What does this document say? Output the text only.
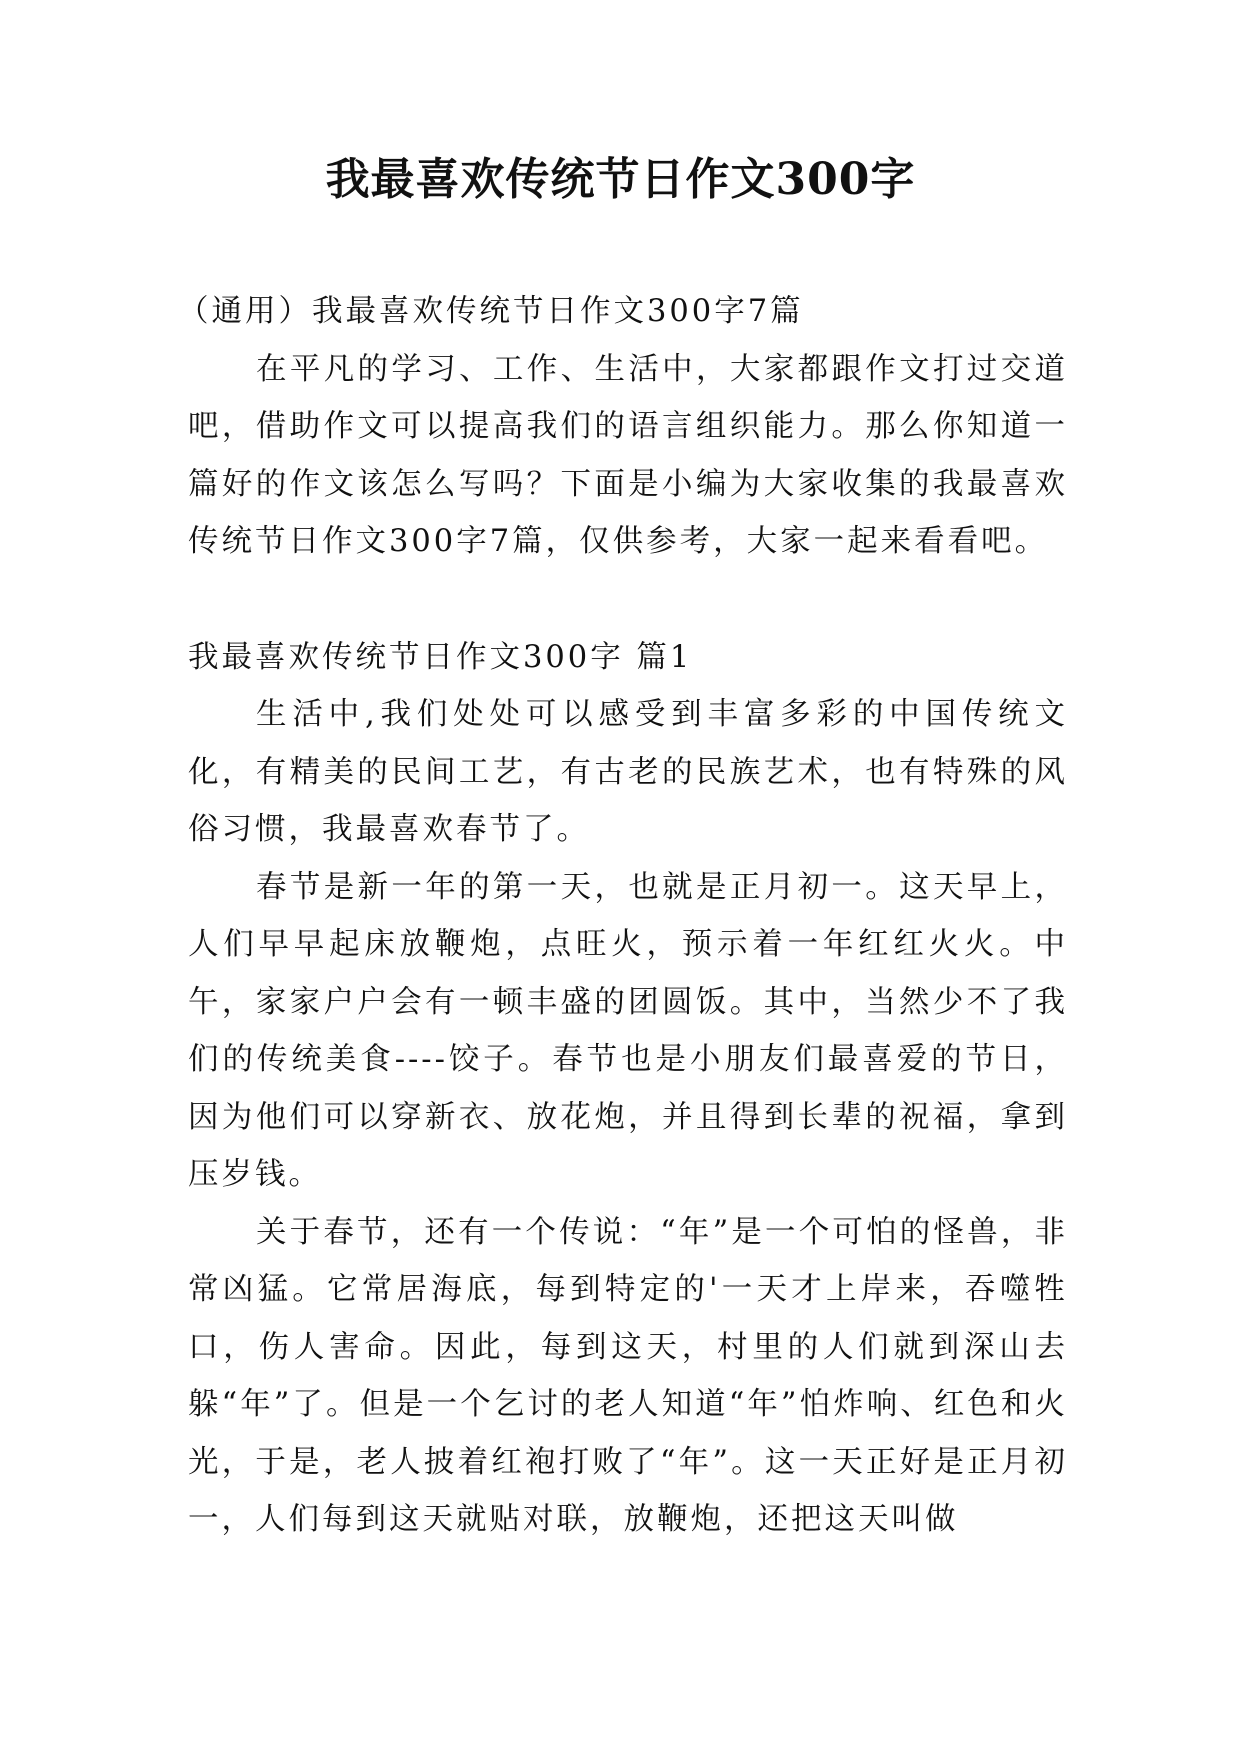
我最喜欢传统节日作文300字

（通用）我最喜欢传统节日作文300字7篇

在平凡的学习、工作、生活中，大家都跟作文打过交道吧，借助作文可以提高我们的语言组织能力。那么你知道一篇好的作文该怎么写吗？下面是小编为大家收集的我最喜欢传统节日作文300字7篇，仅供参考，大家一起来看看吧。

我最喜欢传统节日作文300字 篇1

生活中,我们处处可以感受到丰富多彩的中国传统文化，有精美的民间工艺，有古老的民族艺术，也有特殊的风俗习惯，我最喜欢春节了。

春节是新一年的第一天，也就是正月初一。这天早上，人们早早起床放鞭炮，点旺火，预示着一年红红火火。中午，家家户户会有一顿丰盛的团圆饭。其中，当然少不了我们的传统美食----饺子。春节也是小朋友们最喜爱的节日，因为他们可以穿新衣、放花炮，并且得到长辈的祝福，拿到压岁钱。

关于春节，还有一个传说：“年”是一个可怕的怪兽，非常凶猛。它常居海底，每到特定的'一天才上岸来，吞噬牲口，伤人害命。因此，每到这天，村里的人们就到深山去躲“年”了。但是一个乞讨的老人知道“年”怕炸响、红色和火光，于是，老人披着红袍打败了“年”。这一天正好是正月初一，人们每到这天就贴对联，放鞭炮，还把这天叫做
